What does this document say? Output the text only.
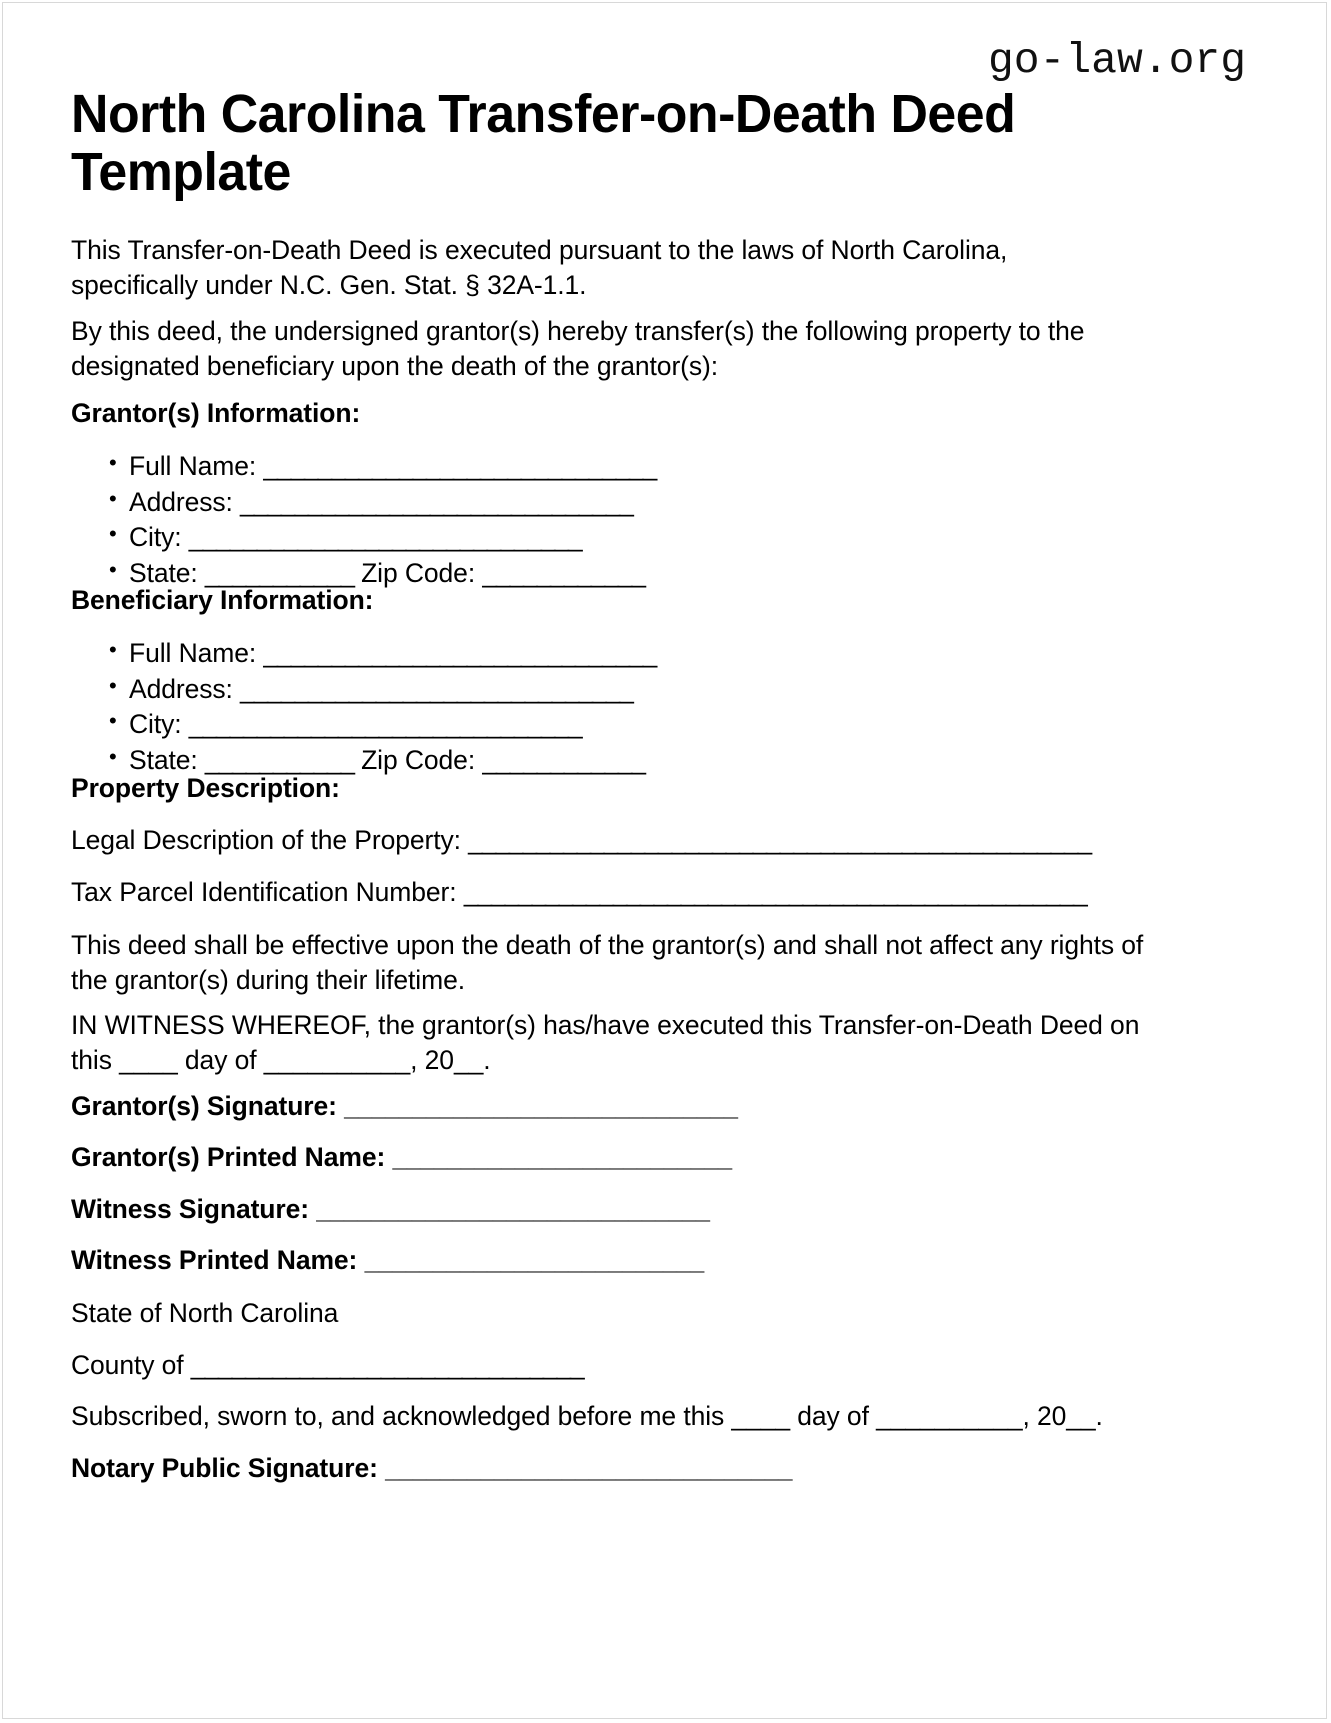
go-law.org
North Carolina Transfer-on-Death Deed Template

This Transfer-on-Death Deed is executed pursuant to the laws of North Carolina, specifically under N.C. Gen. Stat. § 32A-1.1.

By this deed, the undersigned grantor(s) hereby transfer(s) the following property to the designated beneficiary upon the death of the grantor(s):

Grantor(s) Information:
• Full Name: _____________________________
• Address: _____________________________
• City: _____________________________
• State: ___________ Zip Code: ____________
Beneficiary Information:
• Full Name: _____________________________
• Address: _____________________________
• City: _____________________________
• State: ___________ Zip Code: ____________
Property Description:
Legal Description of the Property: ______________________________________________
Tax Parcel Identification Number: ______________________________________________

This deed shall be effective upon the death of the grantor(s) and shall not affect any rights of the grantor(s) during their lifetime.

IN WITNESS WHEREOF, the grantor(s) has/have executed this Transfer-on-Death Deed on this ____ day of __________, 20__.

Grantor(s) Signature: _____________________________
Grantor(s) Printed Name: _________________________
Witness Signature: _____________________________
Witness Printed Name: _________________________
State of North Carolina
County of _____________________________
Subscribed, sworn to, and acknowledged before me this ____ day of __________, 20__.
Notary Public Signature: ______________________________
